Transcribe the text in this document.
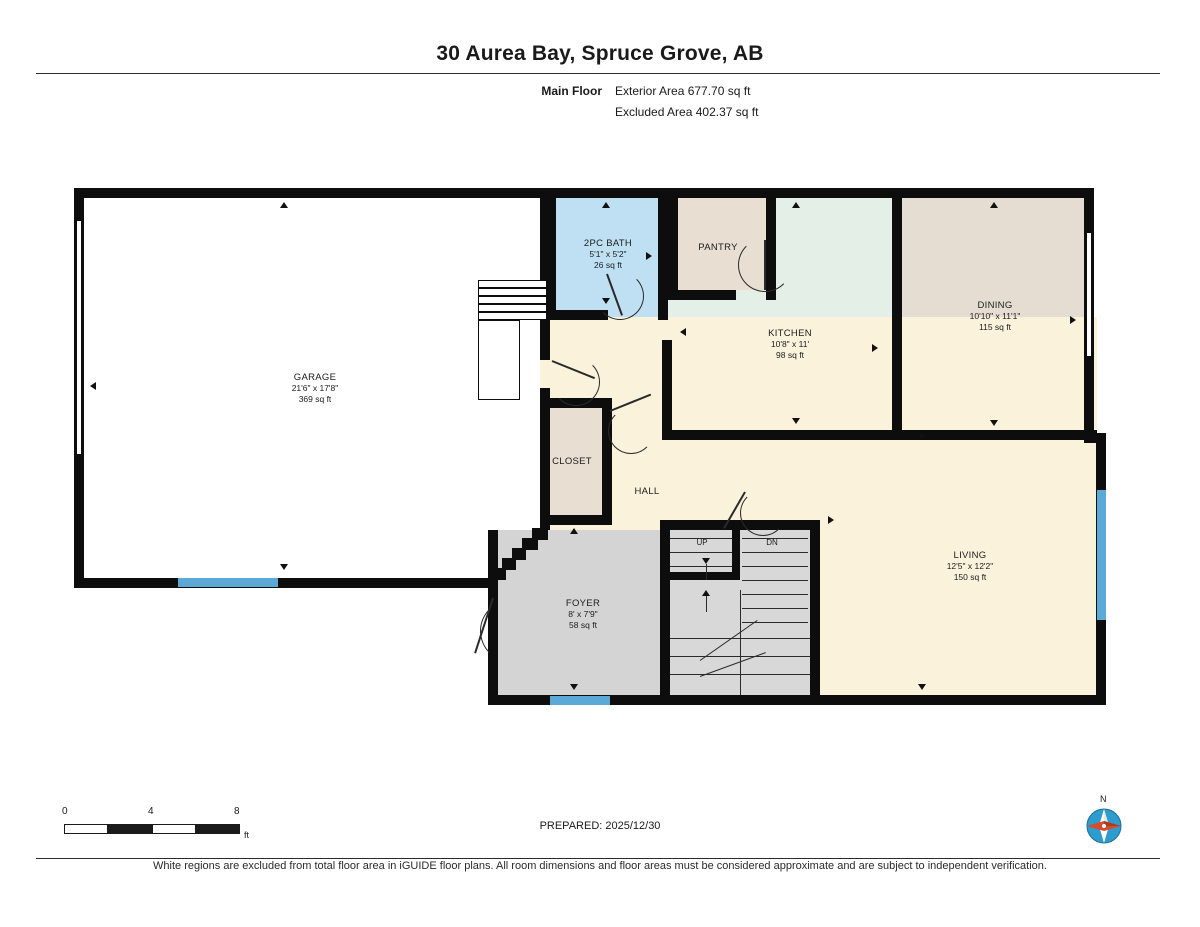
30 Aurea Bay, Spruce Grove, AB
Main Floor Exterior Area 677.70 sq ft
Excluded Area 402.37 sq ft
GARAGE
21'6" x 17'8"
369 sq ft
2PC BATH
5'1" x 5'2"
26 sq ft
PANTRY
KITCHEN
10'8" x 11'
98 sq ft
DINING
10'10" x 11'1"
115 sq ft
CLOSET
HALL
FOYER
8' x 7'9"
58 sq ft
LIVING
12'5" x 12'2"
150 sq ft
UP	DN
0	4	8
ft
PREPARED: 2025/12/30
N
White regions are excluded from total floor area in iGUIDE floor plans. All room dimensions and floor areas must be considered approximate and are subject to independent verification.
